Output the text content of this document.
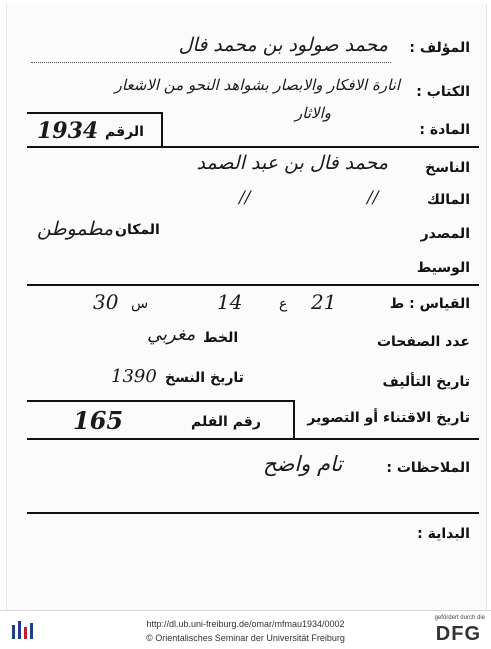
المؤلف :
محمد صولود بن محمد فال
الكتاب :
انارة الافكار والابصار بشواهد النحو من الاشعار
والاثار
المادة :
1934 الرقم
الناسخ
محمد فال بن عبد الصمد
المالك
//	//
المصدر
المكان
مطموطن
الوسيط
القياس : ط
21
ع
14
س
30
عدد الصفحات
الخط
مغربي
تاريخ التأليف
تاريخ النسخ
1390
تاريخ الاقتناء أو التصوير
رقم الفلم
165
الملاحظات :
تام واضح
البداية :
http://dl.ub.uni-freiburg.de/omar/mfmau1934/0002
© Orientalisches Seminar der Universität Freiburg
gefördert durch die
DFG
